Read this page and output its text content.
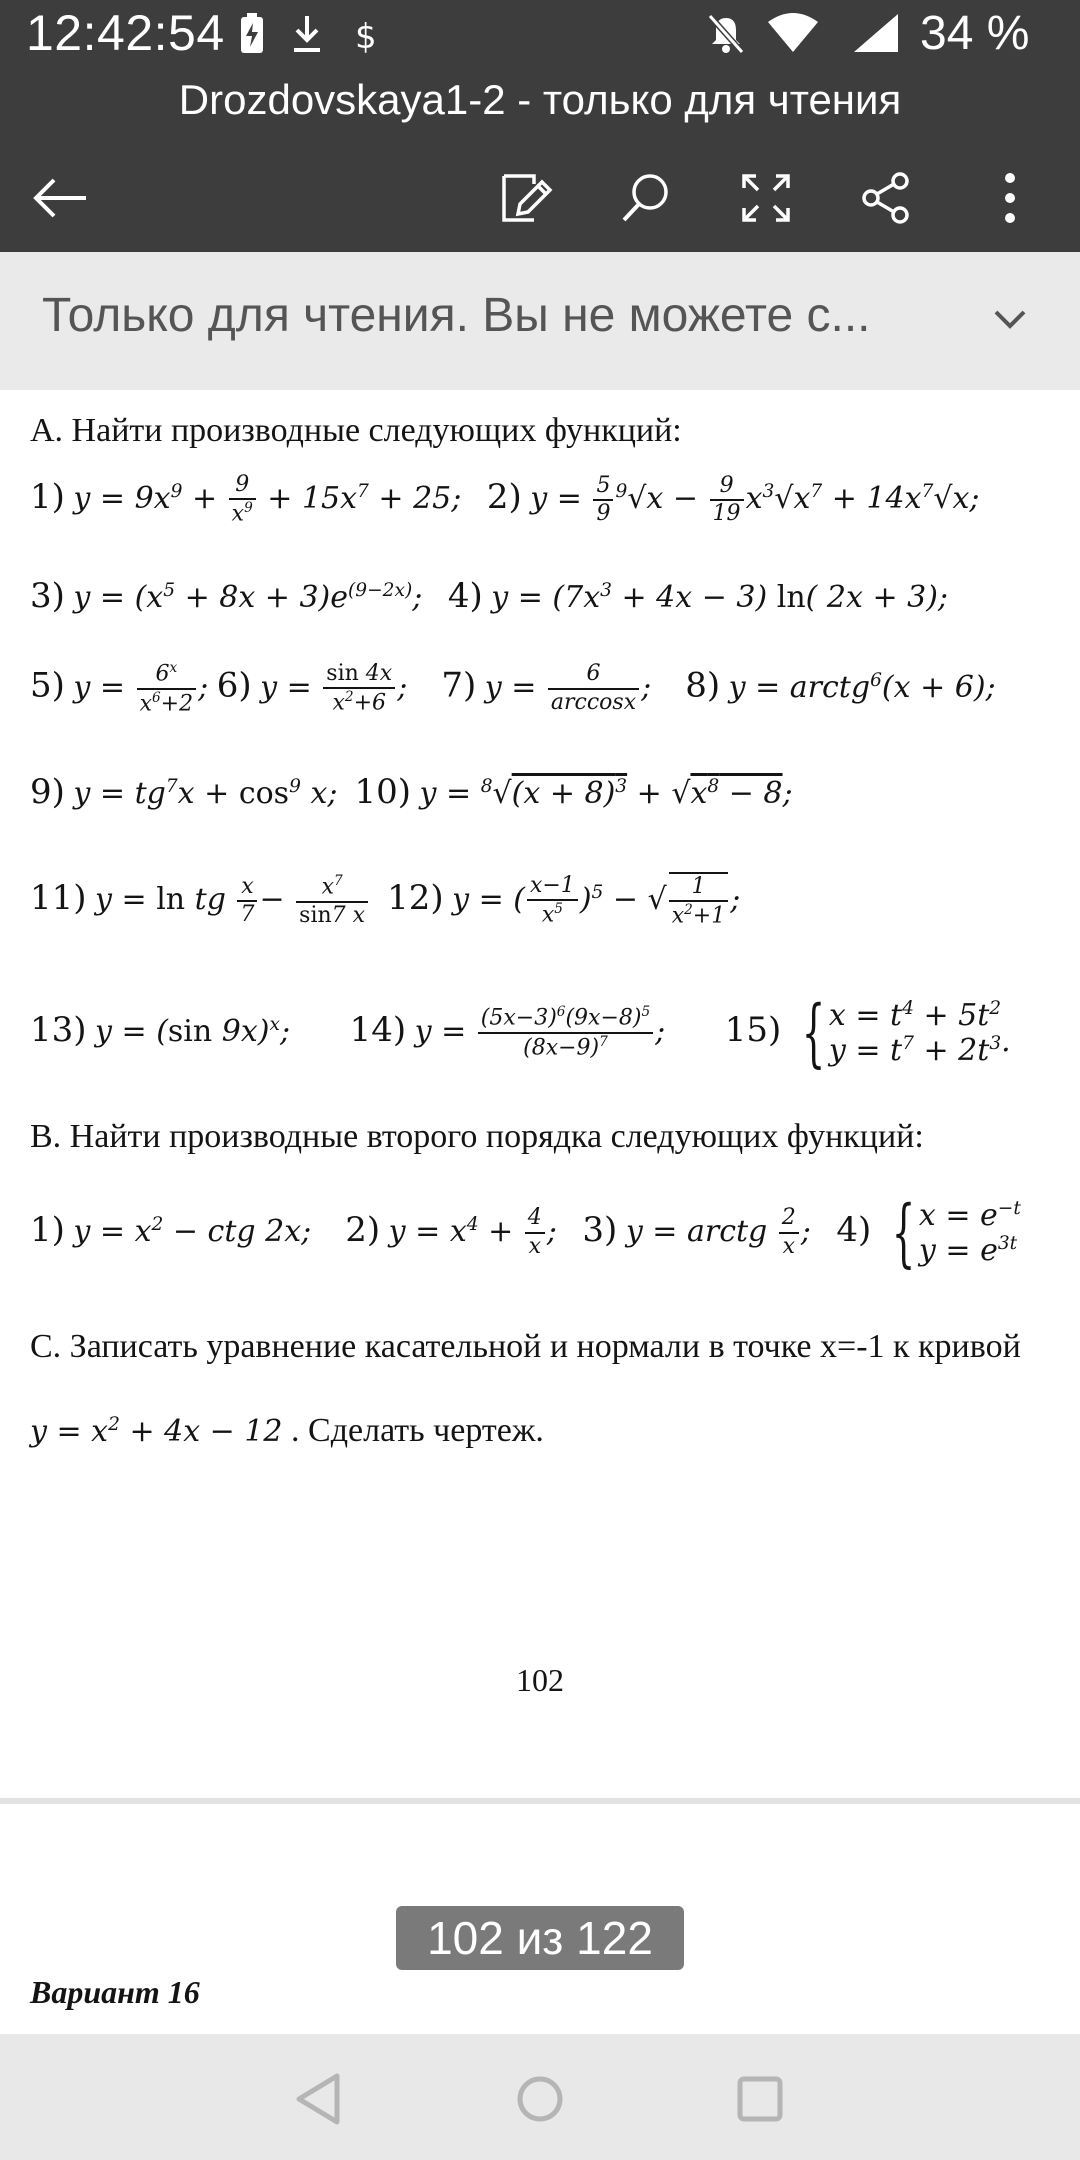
12:42:54	$	34 %
Drozdovskaya1-2 - только для чтения
Только для чтения. Вы не можете с...
А. Найти производные следующих функций:
1) $y = 9x^9 + \frac{9}{x^9} + 15x^7 + 25$; 2) $y = \frac{5}{9} ^9√x - \frac{9}{19} x^3√x^7 + 14x^7√x$;
3) $y = (x^5 + 8x + 3)e^{(9-2x)}$; 4) $y = (7x^3 + 4x - 3)$ ln( 2x + 3);
5) $y = \frac{6^x}{x^6+2}$ ; 6) $y = \frac{\sin 4x}{x^2+6}$ ; 7) $y = \frac{6}{\arccos x}$ ; 8) y = arctg$^6$(x + 6);
9) $y = tg^7x + \cos^9 x$; 10) $y = ^8√(x + 8)^3 + √x^8 - 8$;
11) y = ln tg $\frac{x}{7} - \frac{x^7}{\sin 7 x} 12$) y = ( $\frac{x-1}{x^5} )^5$ − √ $\frac{1}{x^2+1}$ ;
13) y = (sin 9x)$^x$; 14) $y = \frac{(5x-3)^6(9x-8)^5}{(8x-9)^7}$ ; 15) { $x = t^4 + 5t^2$
$y = t^7 + 2t^3\cdot$
В. Найти производные второго порядка следующих функций:
1) $y = x^2$ − ctg 2x; 2) $y = x^4 + \frac{4}{x}$ ; 3) y = arctg $\frac{2}{x}$ ; 4) { $x = e^{-t}$
$y = e^{3t}$
С. Записать уравнение касательной и нормали в точке x=-1 к кривой
$y = x^2 + 4x - 12$ . Сделать чертеж.
102
Вариант 16
102 из 122
